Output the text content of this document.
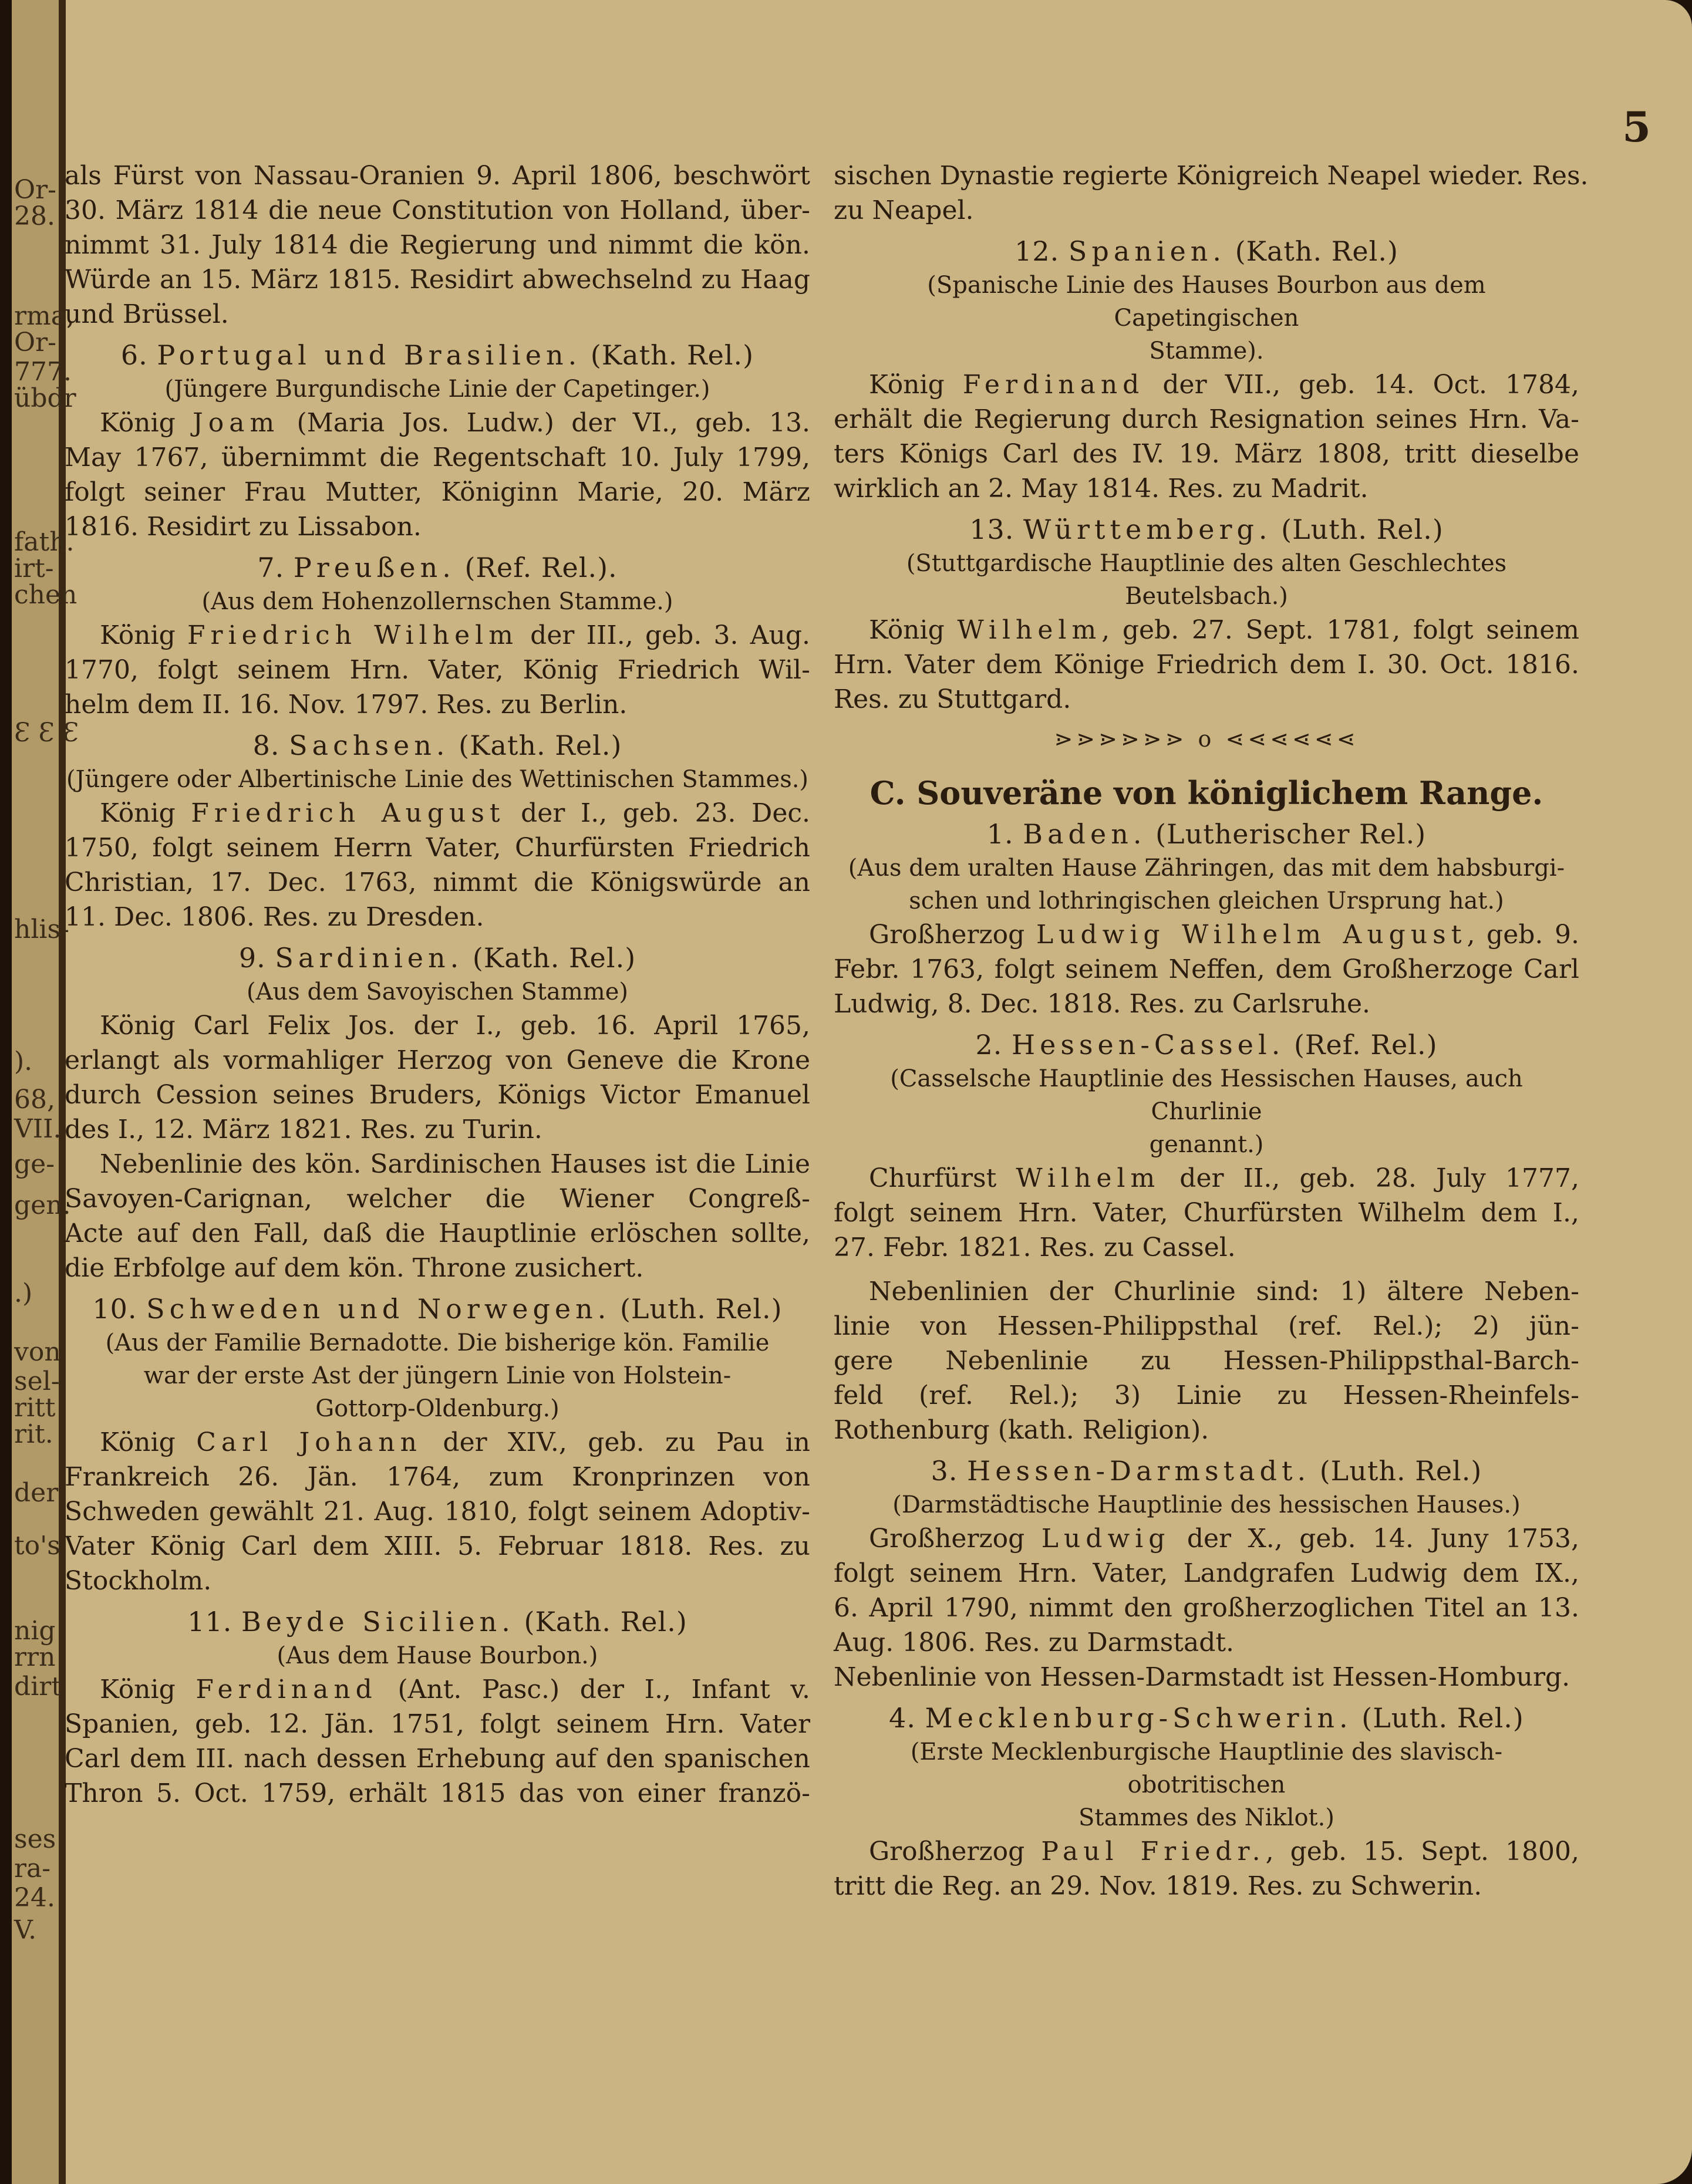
Or-
28.
rma,
Or-
777.
übdr
fath.
irt-
chen
Ɛ Ɛ Ɛ
hlis-
).
68,
VII.
ge-
gen.
.)
von
sel-
ritt
rit.
der
to's
nig
rrn
dirt
ses
ra-
24.
V.
5

als Fürst von Nassau-Oranien 9. April 1806, beschwört

30. März 1814 die neue Constitution von Holland, über-

nimmt 31. July 1814 die Regierung und nimmt die kön.

Würde an 15. März 1815. Residirt abwechselnd zu Haag

und Brüssel.

6. Portugal und Brasilien. (Kath. Rel.)

(Jüngere Burgundische Linie der Capetinger.)

König Joam (Maria Jos. Ludw.) der VI., geb. 13.

May 1767, übernimmt die Regentschaft 10. July 1799,

folgt seiner Frau Mutter, Königinn Marie, 20. März

1816. Residirt zu Lissabon.

7. Preußen. (Ref. Rel.).

(Aus dem Hohenzollernschen Stamme.)

König Friedrich Wilhelm der III., geb. 3. Aug.

1770, folgt seinem Hrn. Vater, König Friedrich Wil-

helm dem II. 16. Nov. 1797. Res. zu Berlin.

8. Sachsen. (Kath. Rel.)

(Jüngere oder Albertinische Linie des Wettinischen Stammes.)

König Friedrich August der I., geb. 23. Dec.

1750, folgt seinem Herrn Vater, Churfürsten Friedrich

Christian, 17. Dec. 1763, nimmt die Königswürde an

11. Dec. 1806. Res. zu Dresden.

9. Sardinien. (Kath. Rel.)

(Aus dem Savoyischen Stamme)

König Carl Felix Jos. der I., geb. 16. April 1765,

erlangt als vormahliger Herzog von Geneve die Krone

durch Cession seines Bruders, Königs Victor Emanuel

des I., 12. März 1821. Res. zu Turin.

Nebenlinie des kön. Sardinischen Hauses ist die Linie

Savoyen-Carignan, welcher die Wiener Congreß-

Acte auf den Fall, daß die Hauptlinie erlöschen sollte,

die Erbfolge auf dem kön. Throne zusichert.

10. Schweden und Norwegen. (Luth. Rel.)

(Aus der Familie Bernadotte. Die bisherige kön. Familie

war der erste Ast der jüngern Linie von Holstein-

Gottorp-Oldenburg.)

König Carl Johann der XIV., geb. zu Pau in

Frankreich 26. Jän. 1764, zum Kronprinzen von

Schweden gewählt 21. Aug. 1810, folgt seinem Adoptiv-

Vater König Carl dem XIII. 5. Februar 1818. Res. zu

Stockholm.

11. Beyde Sicilien. (Kath. Rel.)

(Aus dem Hause Bourbon.)

König Ferdinand (Ant. Pasc.) der I., Infant v.

Spanien, geb. 12. Jän. 1751, folgt seinem Hrn. Vater

Carl dem III. nach dessen Erhebung auf den spanischen

Thron 5. Oct. 1759, erhält 1815 das von einer franzö-

sischen Dynastie regierte Königreich Neapel wieder. Res.

zu Neapel.

12. Spanien. (Kath. Rel.)

(Spanische Linie des Hauses Bourbon aus dem Capetingischen

Stamme).

König Ferdinand der VII., geb. 14. Oct. 1784,

erhält die Regierung durch Resignation seines Hrn. Va-

ters Königs Carl des IV. 19. März 1808, tritt dieselbe

wirklich an 2. May 1814. Res. zu Madrit.

13. Württemberg. (Luth. Rel.)

(Stuttgardische Hauptlinie des alten Geschlechtes Beutelsbach.)

König Wilhelm, geb. 27. Sept. 1781, folgt seinem

Hrn. Vater dem Könige Friedrich dem I. 30. Oct. 1816.

Res. zu Stuttgard.

⋗⋗⋗⋗⋗⋗ o ⋖⋖⋖⋖⋖⋖

C. Souveräne von königlichem Range.

1. Baden. (Lutherischer Rel.)

(Aus dem uralten Hause Zähringen, das mit dem habsburgi-

schen und lothringischen gleichen Ursprung hat.)

Großherzog Ludwig Wilhelm August, geb. 9.

Febr. 1763, folgt seinem Neffen, dem Großherzoge Carl

Ludwig, 8. Dec. 1818. Res. zu Carlsruhe.

2. Hessen-Cassel. (Ref. Rel.)

(Casselsche Hauptlinie des Hessischen Hauses, auch Churlinie

genannt.)

Churfürst Wilhelm der II., geb. 28. July 1777,

folgt seinem Hrn. Vater, Churfürsten Wilhelm dem I.,

27. Febr. 1821. Res. zu Cassel.

Nebenlinien der Churlinie sind: 1) ältere Neben-

linie von Hessen-Philippsthal (ref. Rel.); 2) jün-

gere Nebenlinie zu Hessen-Philippsthal-Barch-

feld (ref. Rel.); 3) Linie zu Hessen-Rheinfels-

Rothenburg (kath. Religion).

3. Hessen-Darmstadt. (Luth. Rel.)

(Darmstädtische Hauptlinie des hessischen Hauses.)

Großherzog Ludwig der X., geb. 14. Juny 1753,

folgt seinem Hrn. Vater, Landgrafen Ludwig dem IX.,

6. April 1790, nimmt den großherzoglichen Titel an 13.

Aug. 1806. Res. zu Darmstadt.

Nebenlinie von Hessen-Darmstadt ist Hessen-Homburg.

4. Mecklenburg-Schwerin. (Luth. Rel.)

(Erste Mecklenburgische Hauptlinie des slavisch-obotritischen

Stammes des Niklot.)

Großherzog Paul Friedr., geb. 15. Sept. 1800,

tritt die Reg. an 29. Nov. 1819. Res. zu Schwerin.
